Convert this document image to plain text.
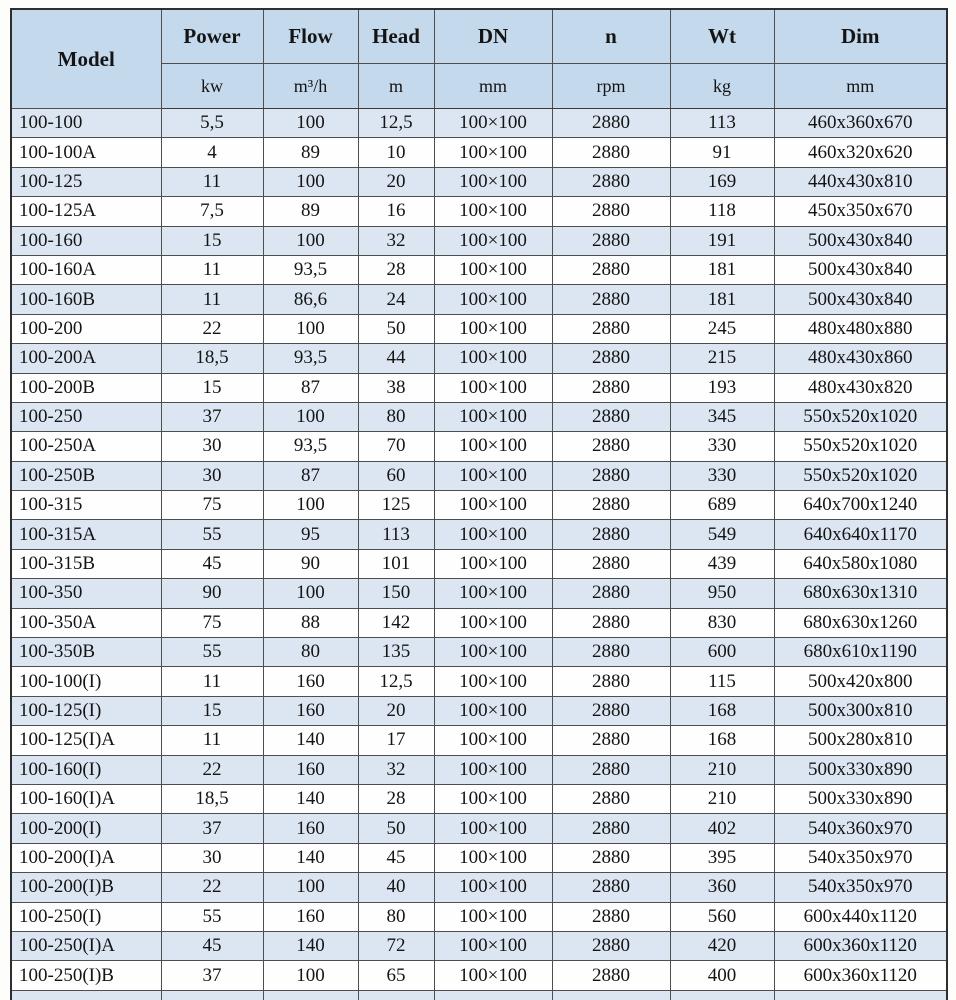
Model	Power	Flow	Head	DN	n	Wt	Dim
	kw	m³/h	m	mm	rpm	kg	mm
100-100	5,5	100	12,5	100×100	2880	113	460x360x670
100-100A	4	89	10	100×100	2880	91	460x320x620
100-125	11	100	20	100×100	2880	169	440x430x810
100-125A	7,5	89	16	100×100	2880	118	450x350x670
100-160	15	100	32	100×100	2880	191	500x430x840
100-160A	11	93,5	28	100×100	2880	181	500x430x840
100-160B	11	86,6	24	100×100	2880	181	500x430x840
100-200	22	100	50	100×100	2880	245	480x480x880
100-200A	18,5	93,5	44	100×100	2880	215	480x430x860
100-200B	15	87	38	100×100	2880	193	480x430x820
100-250	37	100	80	100×100	2880	345	550x520x1020
100-250A	30	93,5	70	100×100	2880	330	550x520x1020
100-250B	30	87	60	100×100	2880	330	550x520x1020
100-315	75	100	125	100×100	2880	689	640x700x1240
100-315A	55	95	113	100×100	2880	549	640x640x1170
100-315B	45	90	101	100×100	2880	439	640x580x1080
100-350	90	100	150	100×100	2880	950	680x630x1310
100-350A	75	88	142	100×100	2880	830	680x630x1260
100-350B	55	80	135	100×100	2880	600	680x610x1190
100-100(I)	11	160	12,5	100×100	2880	115	500x420x800
100-125(I)	15	160	20	100×100	2880	168	500x300x810
100-125(I)A	11	140	17	100×100	2880	168	500x280x810
100-160(I)	22	160	32	100×100	2880	210	500x330x890
100-160(I)A	18,5	140	28	100×100	2880	210	500x330x890
100-200(I)	37	160	50	100×100	2880	402	540x360x970
100-200(I)A	30	140	45	100×100	2880	395	540x350x970
100-200(I)B	22	100	40	100×100	2880	360	540x350x970
100-250(I)	55	160	80	100×100	2880	560	600x440x1120
100-250(I)A	45	140	72	100×100	2880	420	600x360x1120
100-250(I)B	37	100	65	100×100	2880	400	600x360x1120
